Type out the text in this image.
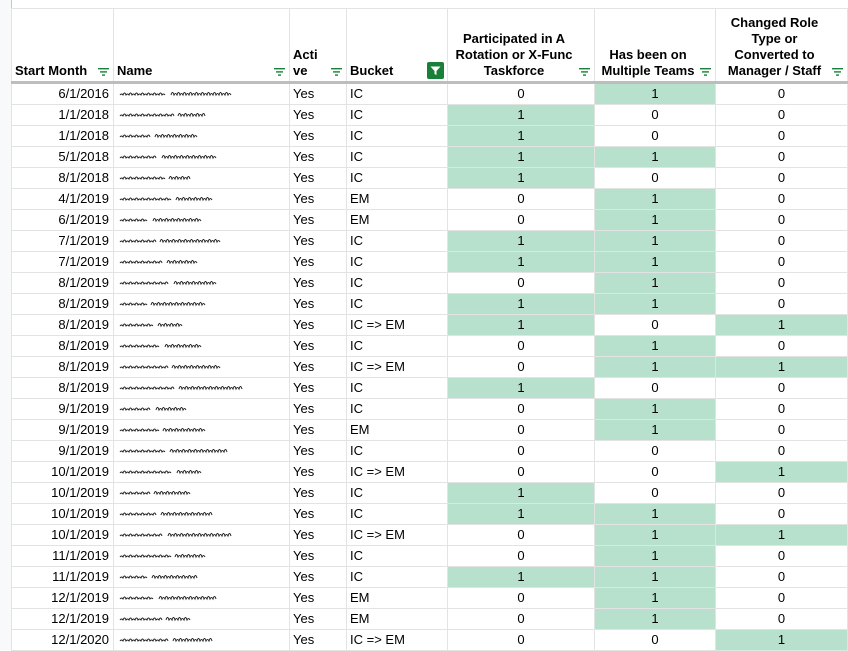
Start Month	Name	Active	Bucket	Participated in A Rotation or X-Func Taskforce	Has been on Multiple Teams	Changed Role Type or Converted to Manager / Staff

6/1/2016		Yes	IC	0	1	0
1/1/2018		Yes	IC	1	0	0
1/1/2018		Yes	IC	1	0	0
5/1/2018		Yes	IC	1	1	0
8/1/2018		Yes	IC	1	0	0
4/1/2019		Yes	EM	0	1	0
6/1/2019		Yes	EM	0	1	0
7/1/2019		Yes	IC	1	1	0
7/1/2019		Yes	IC	1	1	0
8/1/2019		Yes	IC	0	1	0
8/1/2019		Yes	IC	1	1	0
8/1/2019		Yes	IC => EM	1	0	1
8/1/2019		Yes	IC	0	1	0
8/1/2019		Yes	IC => EM	0	1	1
8/1/2019		Yes	IC	1	0	0
9/1/2019		Yes	IC	0	1	0
9/1/2019		Yes	EM	0	1	0
9/1/2019		Yes	IC	0	0	0
10/1/2019		Yes	IC => EM	0	0	1
10/1/2019		Yes	IC	1	0	0
10/1/2019		Yes	IC	1	1	0
10/1/2019		Yes	IC => EM	0	1	1
11/1/2019		Yes	IC	0	1	0
11/1/2019		Yes	IC	1	1	0
12/1/2019		Yes	EM	0	1	0
12/1/2019		Yes	EM	0	1	0
12/1/2020		Yes	IC => EM	0	0	1
